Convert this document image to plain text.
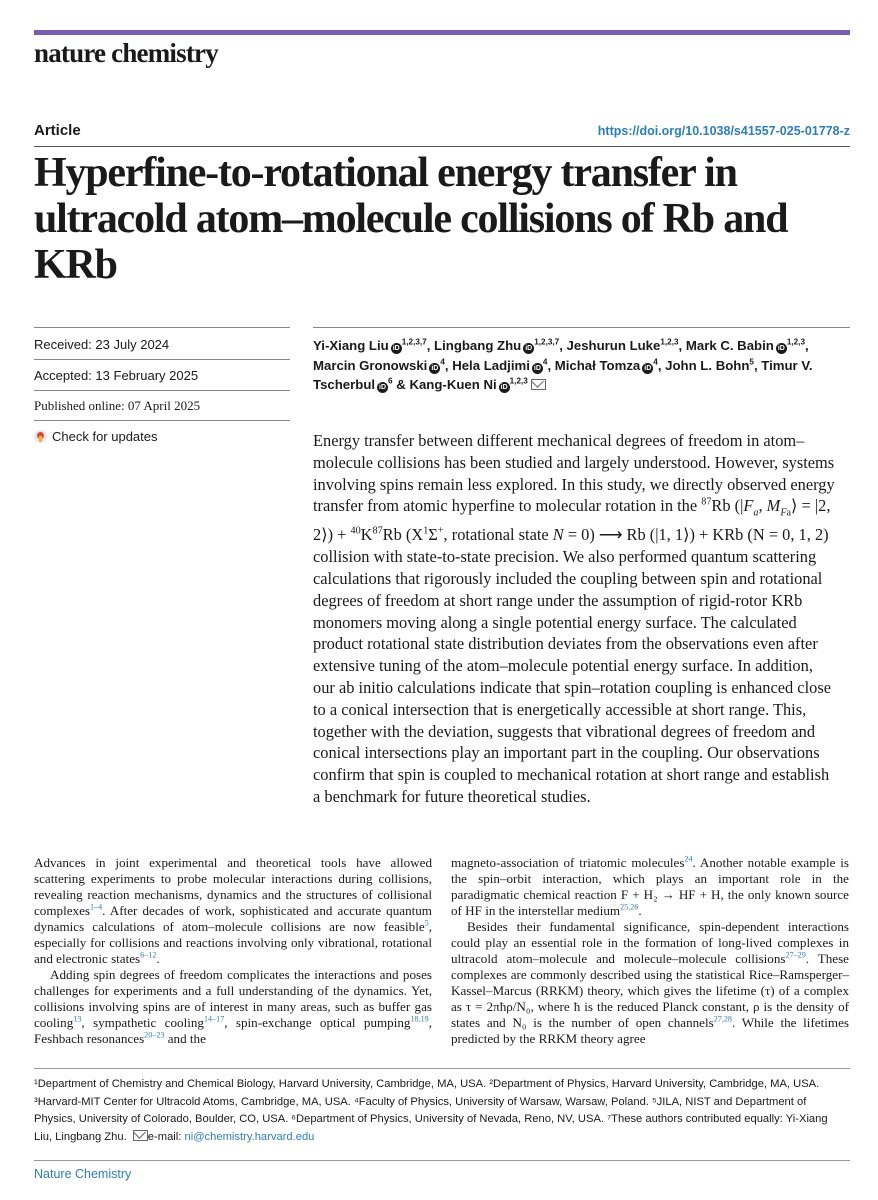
nature chemistry
Article	https://doi.org/10.1038/s41557-025-01778-z
Hyperfine-to-rotational energy transfer in ultracold atom–molecule collisions of Rb and KRb
Received: 23 July 2024
Accepted: 13 February 2025
Published online: 07 April 2025
Check for updates
Yi-Xiang Liu iD$^{1,2,3,7}$, Lingbang Zhu iD$^{1,2,3,7}$, Jeshurun Luke$^{1,2,3}$, Mark C. Babin iD$^{1,2,3}$, Marcin Gronowski $iD^4$, Hela Ladjimi $iD^4$, Michał Tomza $iD^4$, John L. Bohn$^5$, Timur V. Tscherbul $iD^6$ & Kang-Kuen Ni iD$^{1,2,3}$

Energy transfer between different mechanical degrees of freedom in atom–molecule collisions has been studied and largely understood. However, systems involving spins remain less explored. In this study, we directly observed energy transfer from atomic hyperfine to molecular rotation in the $^{87}$Rb ($|F_a$, $M_{Fa}⟩ = |2$, 2⟩) + $^{40}K^{87}Rb$ ($X^1\Sigma^+$, rotational state N = 0) ⟶ Rb (|1, 1⟩) + KRb (N = 0, 1, 2) collision with state-to-state precision. We also performed quantum scattering calculations that rigorously included the coupling between spin and rotational degrees of freedom at short range under the assumption of rigid-rotor KRb monomers moving along a single potential energy surface. The calculated product rotational state distribution deviates from the observations even after extensive tuning of the atom–molecule potential energy surface. In addition, our ab initio calculations indicate that spin–rotation coupling is enhanced close to a conical intersection that is energetically accessible at short range. This, together with the deviation, suggests that vibrational degrees of freedom and conical intersections play an important part in the coupling. Our observations confirm that spin is coupled to mechanical rotation at short range and establish a benchmark for future theoretical studies.

Advances in joint experimental and theoretical tools have allowed scattering experiments to probe molecular interactions during collisions, revealing reaction mechanisms, dynamics and the structures of collisional complexes$^{1-4}$. After decades of work, sophisticated and accurate quantum dynamics calculations of atom–molecule collisions are now feasible$^5$, especially for collisions and reactions involving only vibrational, rotational and electronic states$^{6-12}$.

Adding spin degrees of freedom complicates the interactions and poses challenges for experiments and a full understanding of the dynamics. Yet, collisions involving spins are of interest in many areas, such as buffer gas cooling$^{13}$, sympathetic cooling$^{14-17}$, spin-exchange optical pumping$^{18,19}$, Feshbach resonances$^{20-23}$ and the

magneto-association of triatomic molecules$^{24}$. Another notable example is the spin–orbit interaction, which plays an important role in the paradigmatic chemical reaction F + H₂ → HF + H, the only known source of HF in the interstellar medium$^{25,26}$.

Besides their fundamental significance, spin-dependent interactions could play an essential role in the formation of long-lived complexes in ultracold atom–molecule and molecule–molecule collisions$^{27-29}$. These complexes are commonly described using the statistical Rice–Ramsperger–Kassel–Marcus (RRKM) theory, which gives the lifetime (τ) of a complex as τ = 2πħρ/N₀, where ħ is the reduced Planck constant, ρ is the density of states and N₀ is the number of open channels$^{27,28}$. While the lifetimes predicted by the RRKM theory agree

¹Department of Chemistry and Chemical Biology, Harvard University, Cambridge, MA, USA. ²Department of Physics, Harvard University, Cambridge, MA, USA. ³Harvard-MIT Center for Ultracold Atoms, Cambridge, MA, USA. ⁴Faculty of Physics, University of Warsaw, Warsaw, Poland. ⁵JILA, NIST and Department of Physics, University of Colorado, Boulder, CO, USA. ⁶Department of Physics, University of Nevada, Reno, NV, USA. ⁷These authors contributed equally: Yi-Xiang Liu, Lingbang Zhu. e-mail: ni@chemistry.harvard.edu

Nature Chemistry
